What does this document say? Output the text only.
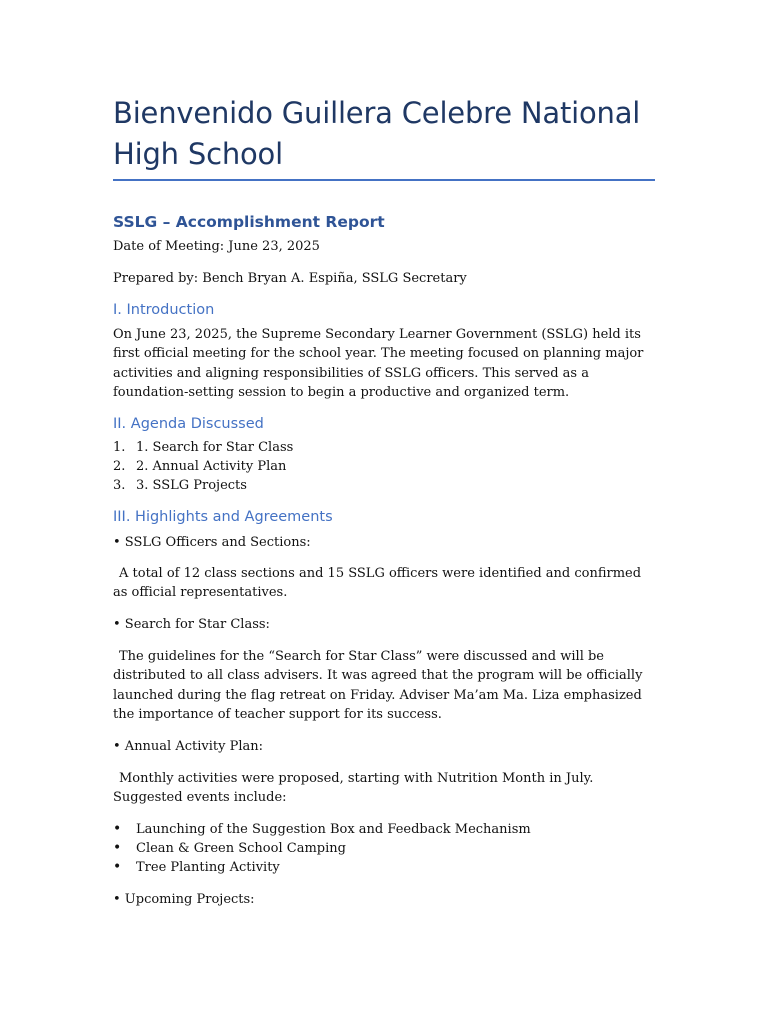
Bienvenido Guillera Celebre National High School
SSLG – Accomplishment Report
Date of Meeting: June 23, 2025
Prepared by: Bench Bryan A. Espiña, SSLG Secretary
I. Introduction
On June 23, 2025, the Supreme Secondary Learner Government (SSLG) held its first official meeting for the school year. The meeting focused on planning major activities and aligning responsibilities of SSLG officers. This served as a foundation-setting session to begin a productive and organized term.
II. Agenda Discussed
1. 1. Search for Star Class
2. 2. Annual Activity Plan
3. 3. SSLG Projects
III. Highlights and Agreements
• SSLG Officers and Sections:
A total of 12 class sections and 15 SSLG officers were identified and confirmed as official representatives.
• Search for Star Class:
The guidelines for the “Search for Star Class” were discussed and will be distributed to all class advisers. It was agreed that the program will be officially launched during the flag retreat on Friday. Adviser Ma’am Ma. Liza emphasized the importance of teacher support for its success.
• Annual Activity Plan:
Monthly activities were proposed, starting with Nutrition Month in July. Suggested events include:
• Launching of the Suggestion Box and Feedback Mechanism
• Clean & Green School Camping
• Tree Planting Activity
• Upcoming Projects:
